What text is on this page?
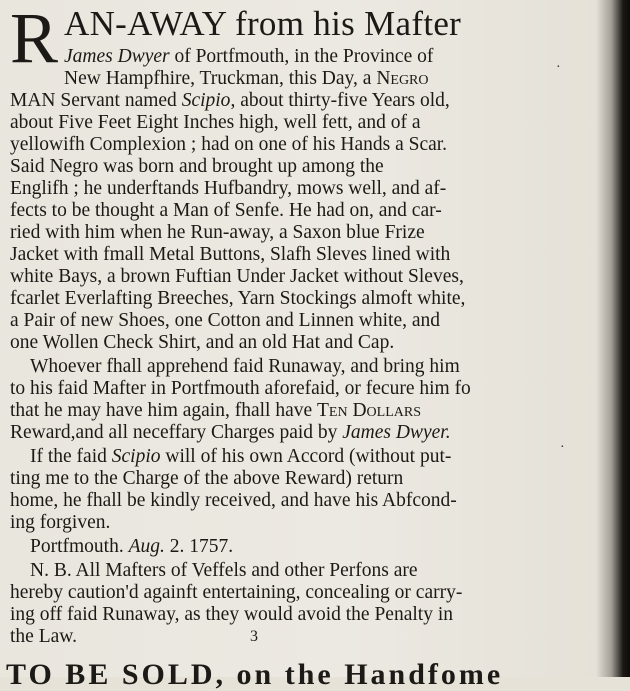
R AN-AWAY from his Mafter
James Dwyer of Portfmouth, in the Province of
New Hampfhire, Truckman, this Day, a Negro
MAN Servant named Scipio, about thirty-five Years old,
about Five Feet Eight Inches high, well fett, and of a
yellowifh Complexion ; had on one of his Hands a Scar.
Said Negro was born and brought up among the
Englifh ; he underftands Hufbandry, mows well, and af-
fects to be thought a Man of Senfe. He had on, and car-
ried with him when he Run-away, a Saxon blue Frize
Jacket with fmall Metal Buttons, Slafh Sleves lined with
white Bays, a brown Fuftian Under Jacket without Sleves,
fcarlet Everlafting Breeches, Yarn Stockings almoft white,
a Pair of new Shoes, one Cotton and Linnen white, and
one Wollen Check Shirt, and an old Hat and Cap.
Whoever fhall apprehend faid Runaway, and bring him
to his faid Mafter in Portfmouth aforefaid, or fecure him fo
that he may have him again, fhall have Ten Dollars
Reward,and all neceffary Charges paid by James Dwyer.
If the faid Scipio will of his own Accord (without put-
ting me to the Charge of the above Reward) return
home, he fhall be kindly received, and have his Abfcond-
ing forgiven.
Portfmouth. Aug. 2. 1757.
N. B. All Mafters of Veffels and other Perfons are
hereby caution'd againft entertaining, concealing or carry-
ing off faid Runaway, as they would avoid the Penalty in
the Law.	3
TO BE SOLD, on the Handfome
·
·
